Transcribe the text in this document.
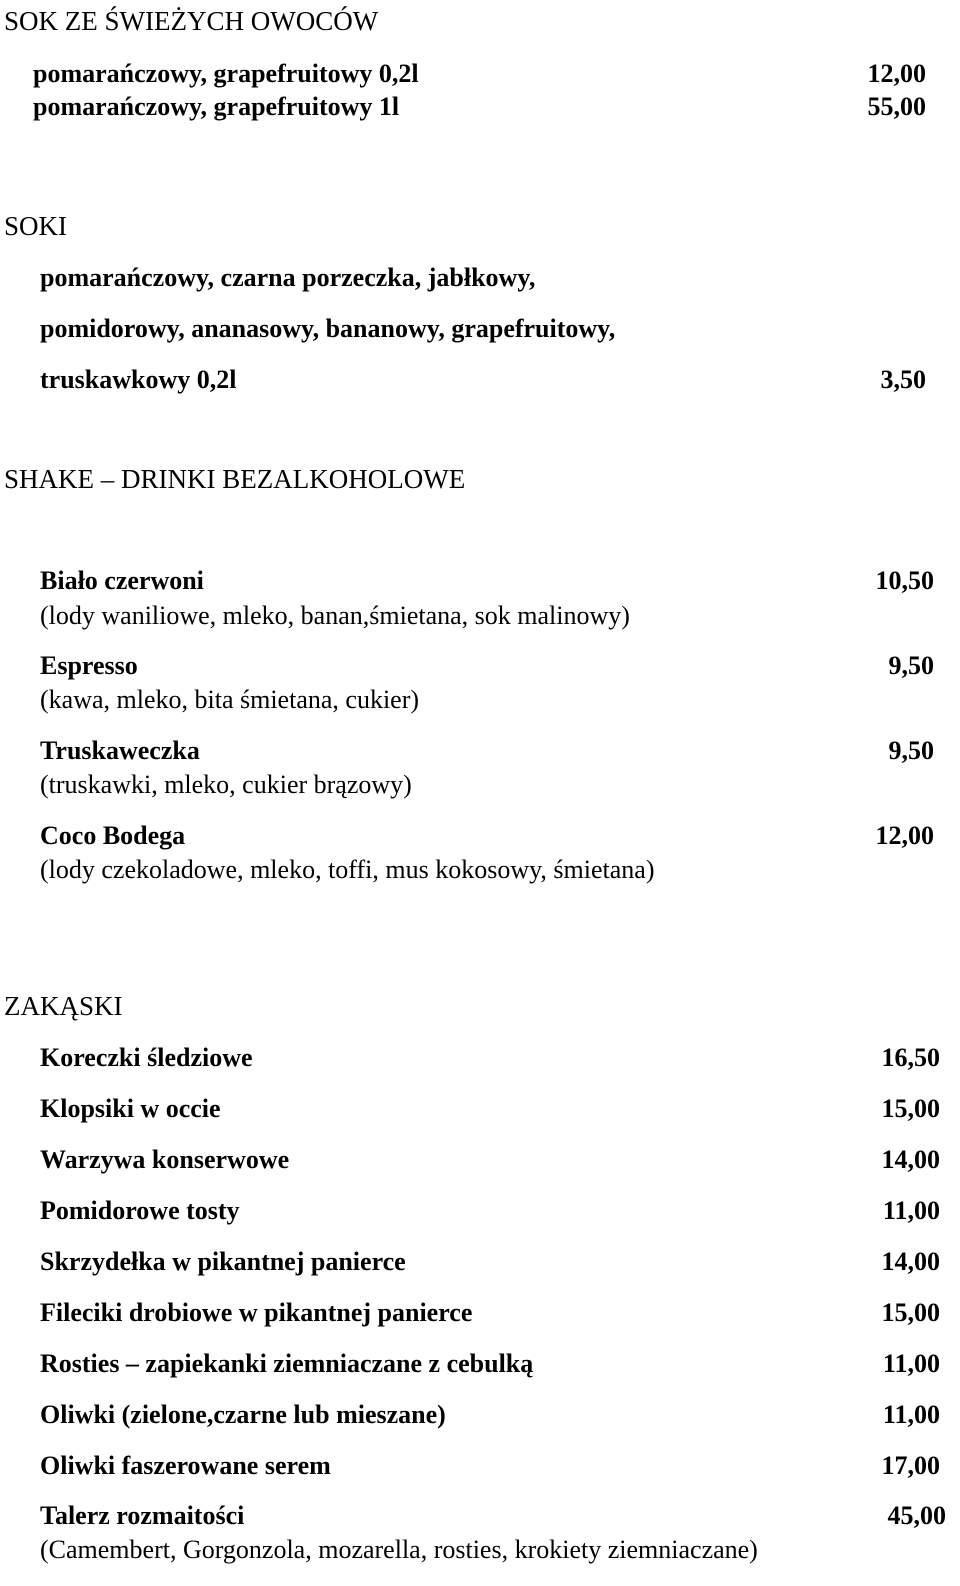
SOK ZE ŚWIEŻYCH OWOCÓW
pomarańczowy, grapefruitowy 0,2l	12,00
pomarańczowy, grapefruitowy 1l	55,00
SOKI
pomarańczowy, czarna porzeczka, jabłkowy,
pomidorowy, ananasowy, bananowy, grapefruitowy,
truskawkowy 0,2l	3,50
SHAKE – DRINKI BEZALKOHOLOWE
Biało czerwoni	10,50
(lody waniliowe, mleko, banan,śmietana, sok malinowy)
Espresso	9,50
(kawa, mleko, bita śmietana, cukier)
Truskaweczka	9,50
(truskawki, mleko, cukier brązowy)
Coco Bodega	12,00
(lody czekoladowe, mleko, toffi, mus kokosowy, śmietana)
ZAKĄSKI
Koreczki śledziowe	16,50
Klopsiki w occie	15,00
Warzywa konserwowe	14,00
Pomidorowe tosty	11,00
Skrzydełka w pikantnej panierce	14,00
Fileciki drobiowe w pikantnej panierce	15,00
Rosties – zapiekanki ziemniaczane z cebulką	11,00
Oliwki (zielone,czarne lub mieszane)	11,00
Oliwki faszerowane serem	17,00
Talerz rozmaitości	45,00
(Camembert, Gorgonzola, mozarella, rosties, krokiety ziemniaczane)
